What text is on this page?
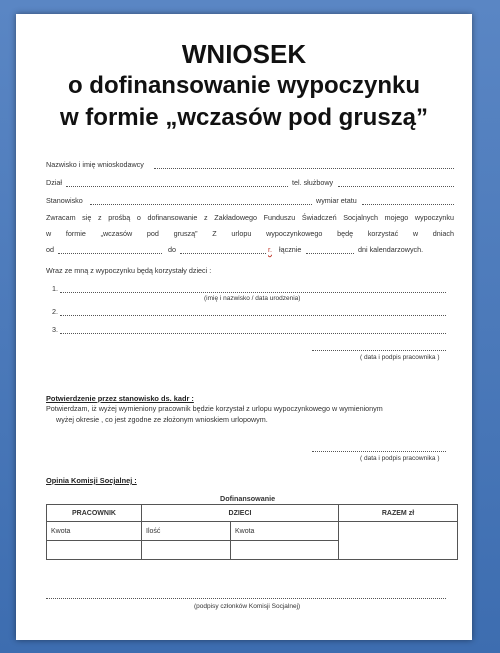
WNIOSEK
o dofinansowanie wypoczynku
w formie „wczasów pod gruszą”
Nazwisko i imię wnioskodawcy
Dział	tel. służbowy
Stanowisko	wymiar etatu
Zwracam się z prośbą o dofinansowanie z Zakładowego Funduszu Świadczeń Socjalnych mojego wypoczynku
w formie „wczasów pod gruszą” Z urlopu wypoczynkowego będę korzystać w dniach
od	do	r. łącznie	dni kalendarzowych.
Wraz ze mną z wypoczynku będą korzystały dzieci :
1.
(imię i nazwisko / data urodzenia)
2.
3.
( data i podpis pracownika )
Potwierdzenie przez stanowisko ds. kadr :
Potwierdzam, iż wyżej wymieniony pracownik będzie korzystał z urlopu wypoczynkowego w wymienionym
wyżej okresie , co jest zgodne ze złożonym wnioskiem urlopowym.
( data i podpis pracownika )
Opinia Komisji Socjalnej :
Dofinansowanie
PRACOWNIK	DZIECI		RAZEM zł
Kwota	Ilość	Kwota	

(podpisy członków Komisji Socjalnej)
